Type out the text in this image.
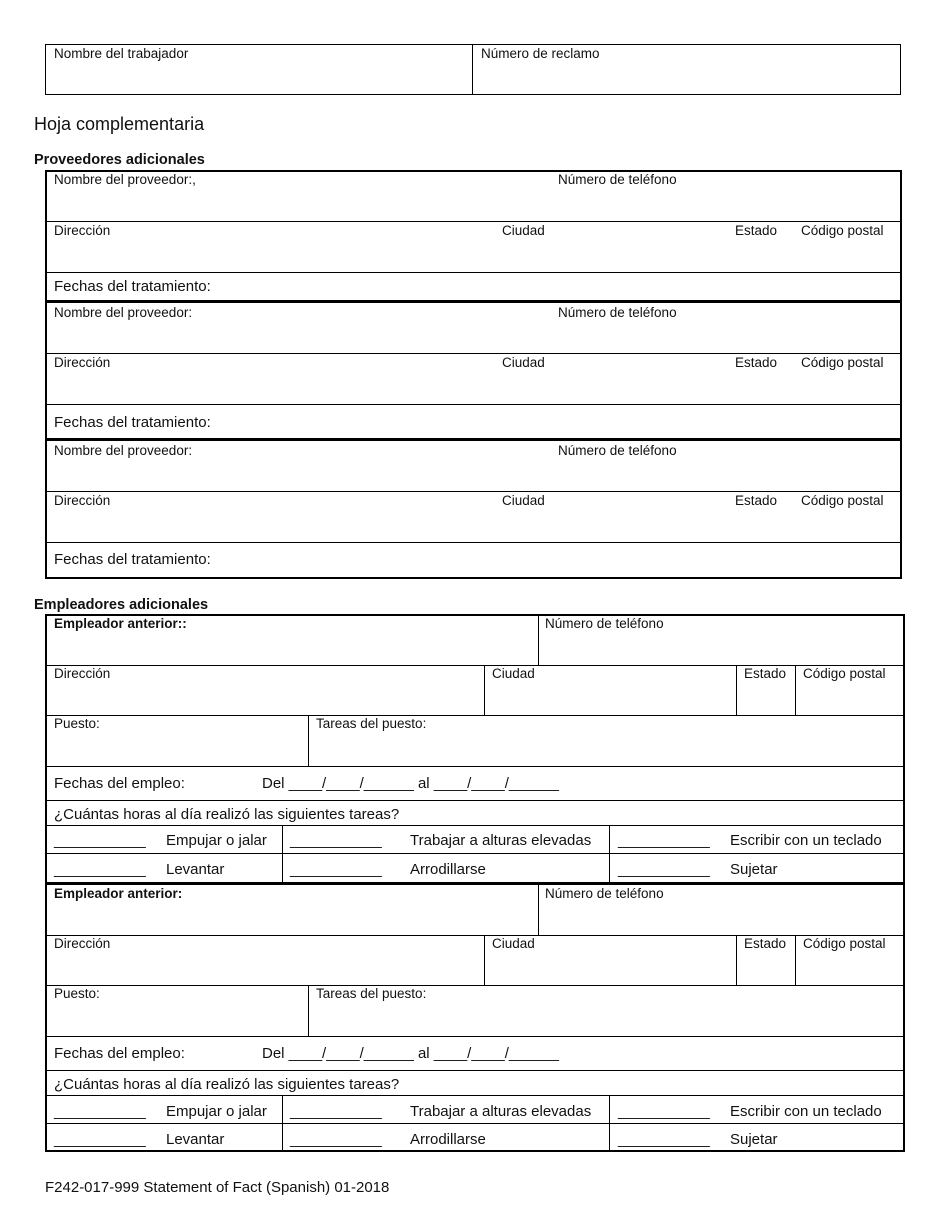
Nombre del trabajador	Número de reclamo
Hoja complementaria
Proveedores adicionales
Nombre del proveedor:,	Número de teléfono
Dirección	Ciudad	Estado Código postal
Fechas del tratamiento:
Nombre del proveedor:	Número de teléfono
Dirección	Ciudad	Estado Código postal
Fechas del tratamiento:
Nombre del proveedor:	Número de teléfono
Dirección	Ciudad	Estado Código postal
Fechas del tratamiento:
Empleadores adicionales
Empleador anterior::	Número de teléfono
Dirección	Ciudad	Estado Código postal
Puesto:	Tareas del puesto:
Fechas del empleo:	Del ____/____/______ al ____/____/______
¿Cuántas horas al día realizó las siguientes tareas?
___________ Empujar o jalar ___________ Trabajar a alturas elevadas ___________ Escribir con un teclado
___________ Levantar	___________ Arrodillarse	___________ Sujetar
Empleador anterior:	Número de teléfono
Dirección	Ciudad	Estado Código postal
Puesto:	Tareas del puesto:
Fechas del empleo:	Del ____/____/______ al ____/____/______
¿Cuántas horas al día realizó las siguientes tareas?
___________ Empujar o jalar ___________ Trabajar a alturas elevadas ___________ Escribir con un teclado
___________ Levantar	___________ Arrodillarse	___________ Sujetar
F242-017-999 Statement of Fact (Spanish) 01-2018
